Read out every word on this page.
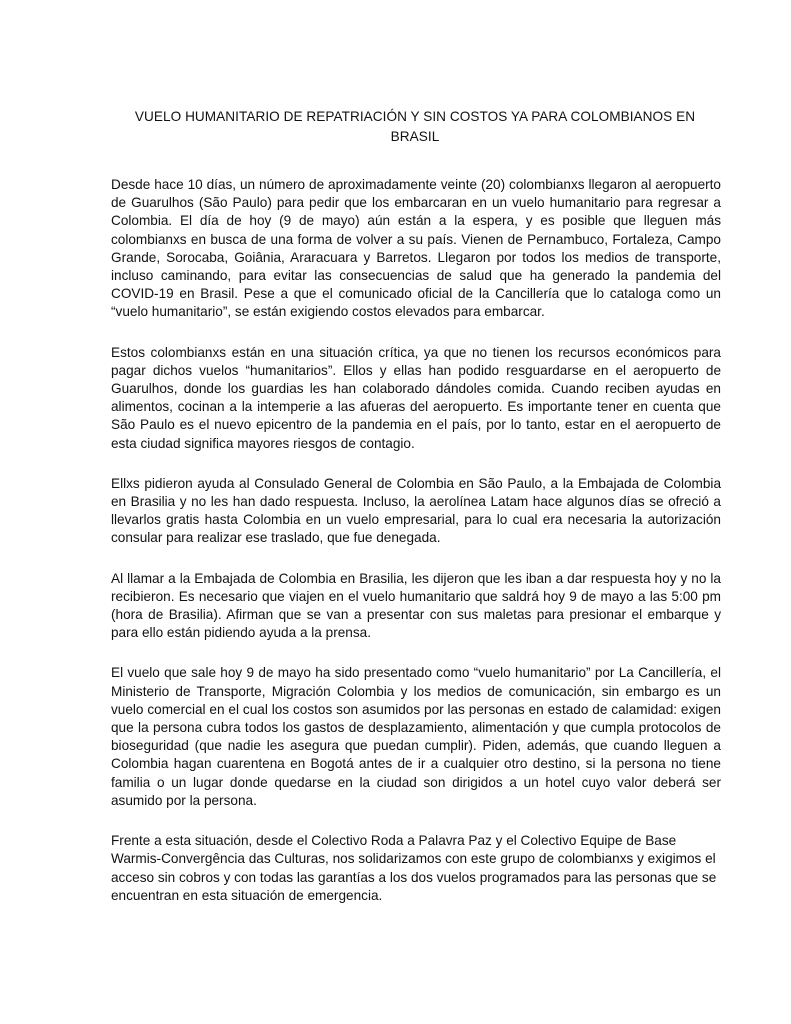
VUELO HUMANITARIO DE REPATRIACIÓN Y SIN COSTOS YA PARA COLOMBIANOS EN BRASIL

Desde hace 10 días, un número de aproximadamente veinte (20) colombianxs llegaron al aeropuerto de Guarulhos (São Paulo) para pedir que los embarcaran en un vuelo humanitario para regresar a Colombia. El día de hoy (9 de mayo) aún están a la espera, y es posible que lleguen más colombianxs en busca de una forma de volver a su país. Vienen de Pernambuco, Fortaleza, Campo Grande, Sorocaba, Goiânia, Araracuara y Barretos. Llegaron por todos los medios de transporte, incluso caminando, para evitar las consecuencias de salud que ha generado la pandemia del COVID-19 en Brasil. Pese a que el comunicado oficial de la Cancillería que lo cataloga como un “vuelo humanitario”, se están exigiendo costos elevados para embarcar.

Estos colombianxs están en una situación crítica, ya que no tienen los recursos económicos para pagar dichos vuelos “humanitarios”. Ellos y ellas han podido resguardarse en el aeropuerto de Guarulhos, donde los guardias les han colaborado dándoles comida. Cuando reciben ayudas en alimentos, cocinan a la intemperie a las afueras del aeropuerto. Es importante tener en cuenta que São Paulo es el nuevo epicentro de la pandemia en el país, por lo tanto, estar en el aeropuerto de esta ciudad significa mayores riesgos de contagio.

Ellxs pidieron ayuda al Consulado General de Colombia en São Paulo, a la Embajada de Colombia en Brasilia y no les han dado respuesta. Incluso, la aerolínea Latam hace algunos días se ofreció a llevarlos gratis hasta Colombia en un vuelo empresarial, para lo cual era necesaria la autorización consular para realizar ese traslado, que fue denegada.

Al llamar a la Embajada de Colombia en Brasilia, les dijeron que les iban a dar respuesta hoy y no la recibieron. Es necesario que viajen en el vuelo humanitario que saldrá hoy 9 de mayo a las 5:00 pm (hora de Brasilia). Afirman que se van a presentar con sus maletas para presionar el embarque y para ello están pidiendo ayuda a la prensa.

El vuelo que sale hoy 9 de mayo ha sido presentado como “vuelo humanitario” por La Cancillería, el Ministerio de Transporte, Migración Colombia y los medios de comunicación, sin embargo es un vuelo comercial en el cual los costos son asumidos por las personas en estado de calamidad: exigen que la persona cubra todos los gastos de desplazamiento, alimentación y que cumpla protocolos de bioseguridad (que nadie les asegura que puedan cumplir). Piden, además, que cuando lleguen a Colombia hagan cuarentena en Bogotá antes de ir a cualquier otro destino, si la persona no tiene familia o un lugar donde quedarse en la ciudad son dirigidos a un hotel cuyo valor deberá ser asumido por la persona.

Frente a esta situación, desde el Colectivo Roda a Palavra Paz y el Colectivo Equipe de Base Warmis-Convergência das Culturas, nos solidarizamos con este grupo de colombianxs y exigimos el acceso sin cobros y con todas las garantías a los dos vuelos programados para las personas que se encuentran en esta situación de emergencia.
